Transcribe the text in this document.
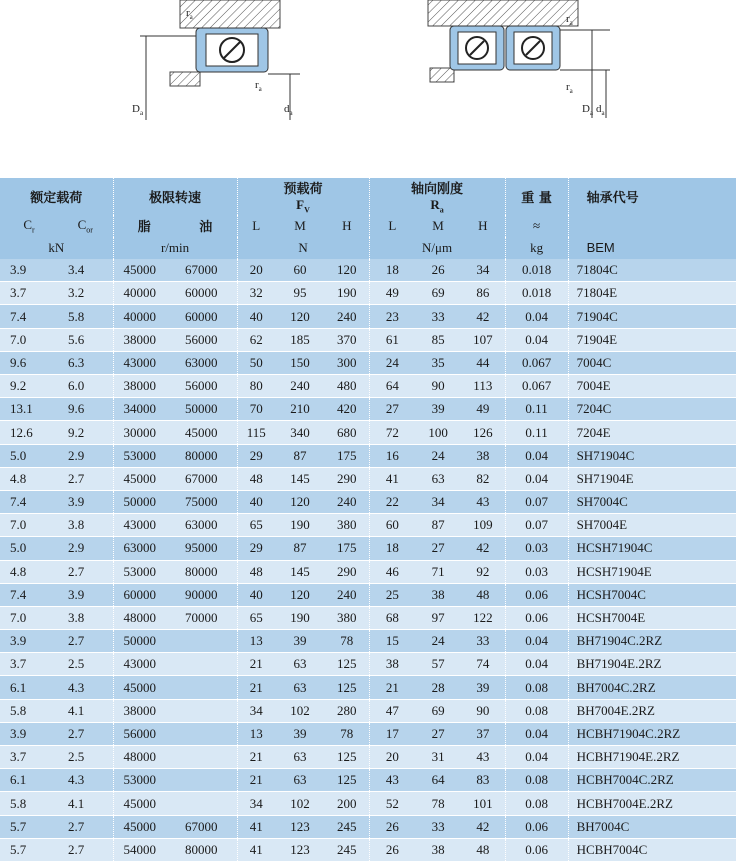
$D_a$	$d_a$
$r_a$
$r_a$
$r_a$
$r_a$
$D_a$ $d_a$
额定载荷		极限转速		预载荷
$F_V$			轴向刚度
$R_a$			重 量	轴承代号
$C_r$	$C_{or}$	脂	油	L	M	H	L	M	H	≈	
kN		r/min		N			N/μm			kg	BEM
3.9	3.4	45000	67000	20	60	120	18	26	34	0.018	71804C
3.7	3.2	40000	60000	32	95	190	49	69	86	0.018	71804E
7.4	5.8	40000	60000	40	120	240	23	33	42	0.04	71904C
7.0	5.6	38000	56000	62	185	370	61	85	107	0.04	71904E
9.6	6.3	43000	63000	50	150	300	24	35	44	0.067	7004C
9.2	6.0	38000	56000	80	240	480	64	90	113	0.067	7004E
13.1	9.6	34000	50000	70	210	420	27	39	49	0.11	7204C
12.6	9.2	30000	45000	115	340	680	72	100	126	0.11	7204E
5.0	2.9	53000	80000	29	87	175	16	24	38	0.04	SH71904C
4.8	2.7	45000	67000	48	145	290	41	63	82	0.04	SH71904E
7.4	3.9	50000	75000	40	120	240	22	34	43	0.07	SH7004C
7.0	3.8	43000	63000	65	190	380	60	87	109	0.07	SH7004E
5.0	2.9	63000	95000	29	87	175	18	27	42	0.03	HCSH71904C
4.8	2.7	53000	80000	48	145	290	46	71	92	0.03	HCSH71904E
7.4	3.9	60000	90000	40	120	240	25	38	48	0.06	HCSH7004C
7.0	3.8	48000	70000	65	190	380	68	97	122	0.06	HCSH7004E
3.9	2.7	50000		13	39	78	15	24	33	0.04	BH71904C.2RZ
3.7	2.5	43000		21	63	125	38	57	74	0.04	BH71904E.2RZ
6.1	4.3	45000		21	63	125	21	28	39	0.08	BH7004C.2RZ
5.8	4.1	38000		34	102	280	47	69	90	0.08	BH7004E.2RZ
3.9	2.7	56000		13	39	78	17	27	37	0.04	HCBH71904C.2RZ
3.7	2.5	48000		21	63	125	20	31	43	0.04	HCBH71904E.2RZ
6.1	4.3	53000		21	63	125	43	64	83	0.08	HCBH7004C.2RZ
5.8	4.1	45000		34	102	200	52	78	101	0.08	HCBH7004E.2RZ
5.7	2.7	45000	67000	41	123	245	26	33	42	0.06	BH7004C
5.7	2.7	54000	80000	41	123	245	26	38	48	0.06	HCBH7004C
